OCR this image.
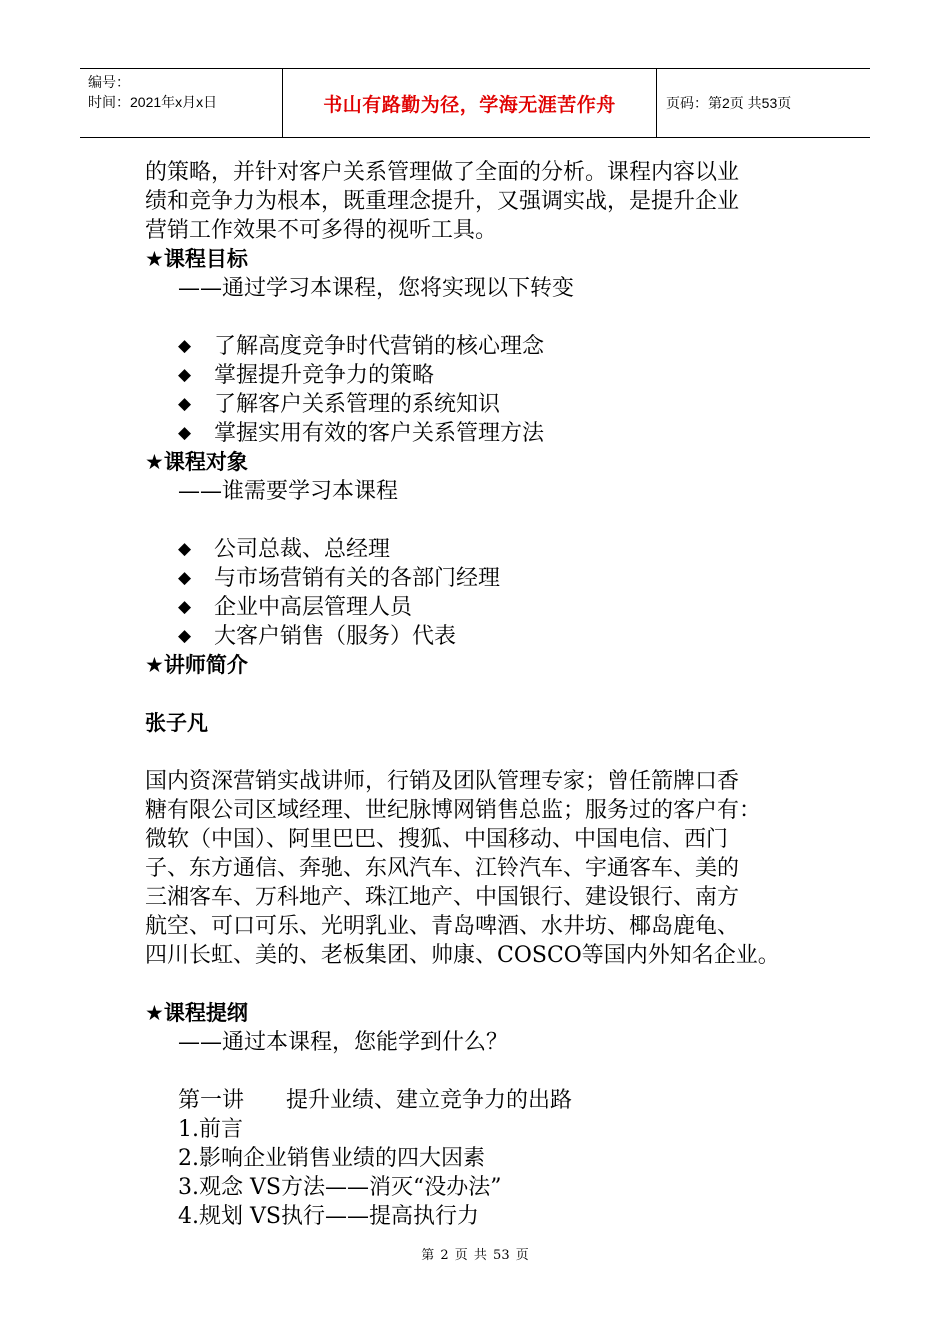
编号：
时间：2021年x月x日	书山有路勤为径，学海无涯苦作舟	页码：第2页 共53页
的策略，并针对客户关系管理做了全面的分析。课程内容以业
绩和竞争力为根本，既重理念提升，又强调实战，是提升企业
营销工作效果不可多得的视听工具。
★课程目标
——通过学习本课程，您将实现以下转变
◆	了解高度竞争时代营销的核心理念
◆	掌握提升竞争力的策略
◆	了解客户关系管理的系统知识
◆	掌握实用有效的客户关系管理方法
★课程对象
——谁需要学习本课程
◆	公司总裁、总经理
◆	与市场营销有关的各部门经理
◆	企业中高层管理人员
◆	大客户销售（服务）代表
★讲师简介
张子凡
国内资深营销实战讲师，行销及团队管理专家；曾任箭牌口香
糖有限公司区域经理、世纪脉博网销售总监；服务过的客户有：
微软（中国）、阿里巴巴、搜狐、中国移动、中国电信、西门
子、东方通信、奔驰、东风汽车、江铃汽车、宇通客车、美的
三湘客车、万科地产、珠江地产、中国银行、建设银行、南方
航空、可口可乐、光明乳业、青岛啤酒、水井坊、椰岛鹿龟、
四川长虹、美的、老板集团、帅康、COSCO等国内外知名企业。
★课程提纲
——通过本课程，您能学到什么？
第一讲      提升业绩、建立竞争力的出路
1.前言
2.影响企业销售业绩的四大因素
3.观念 VS方法——消灭“没办法”
4.规划 VS执行——提高执行力
第 2 页 共 53 页
